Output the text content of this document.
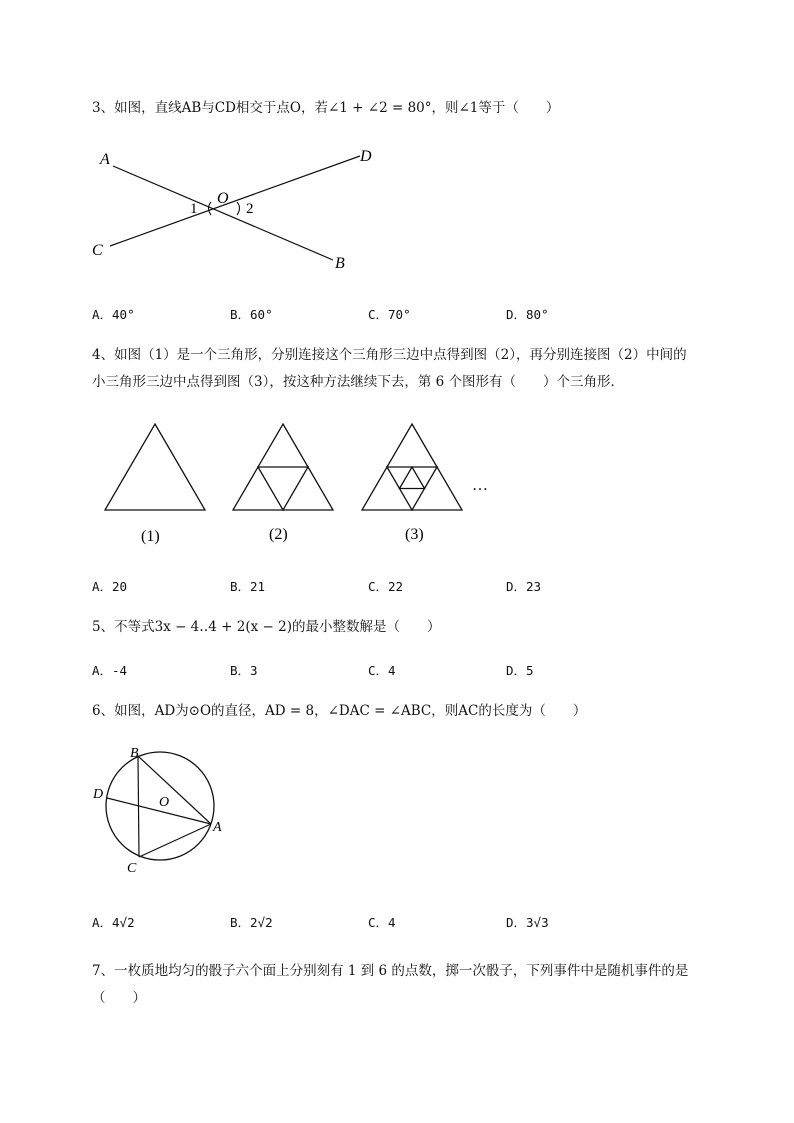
3、如图，直线AB与CD相交于点O，若∠1 + ∠2 = 80°，则∠1等于（　　）
A	D
C
B
O
1	2
A．40°	B．60°	C．70°	D．80°
4、如图（1）是一个三角形，分别连接这个三角形三边中点得到图（2），再分别连接图（2）中间的
小三角形三边中点得到图（3），按这种方法继续下去，第 6 个图形有（　　）个三角形．
…
(1)	(2)	(3)
A．20	B．21	C．22	D．23
5、不等式3x − 4‥4 + 2(x − 2)的最小整数解是（　　）
A．-4	B．3	C．4	D．5
6、如图，AD为⊙O的直径，AD = 8，∠DAC = ∠ABC，则AC的长度为（　　）
B
D
O
A
C
A．4√2	B．2√2	C．4	D．3√3
7、一枚质地均匀的骰子六个面上分别刻有 1 到 6 的点数，掷一次骰子，下列事件中是随机事件的是
（　　）
